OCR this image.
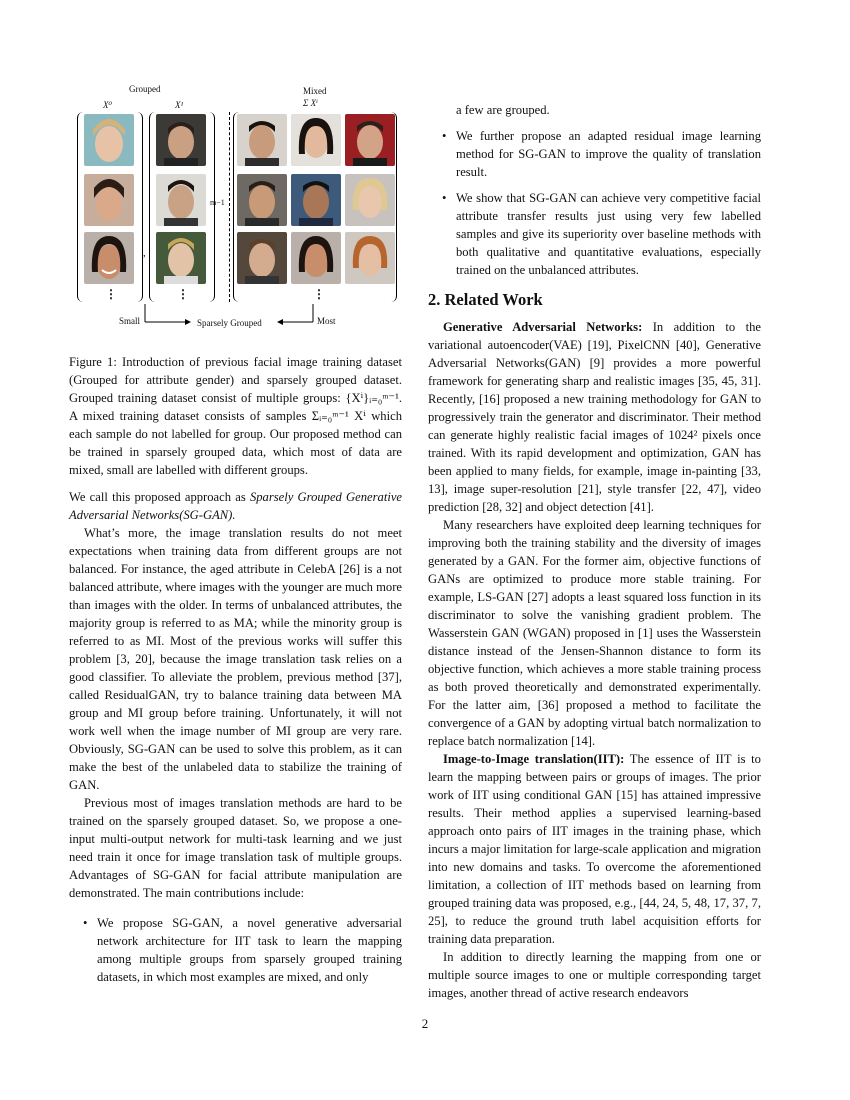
Grouped	Mixed
X⁰	X¹	Σ Xⁱ
m−1
,
⋮	⋮	⋮
Small	Sparsely Grouped	Most

Figure 1: Introduction of previous facial image training dataset (Grouped for attribute gender) and sparsely grouped dataset. Grouped training dataset consist of multiple groups: {Xⁱ}ᵢ₌₀ᵐ⁻¹. A mixed training dataset consists of samples Σᵢ₌₀ᵐ⁻¹ Xⁱ which each sample do not labelled for group. Our proposed method can be trained in sparsely grouped data, which most of data are mixed, small are labelled with different groups.

We call this proposed approach as Sparsely Grouped Generative Adversarial Networks(SG-GAN).

What’s more, the image translation results do not meet expectations when training data from different groups are not balanced. For instance, the aged attribute in CelebA [26] is a not balanced attribute, where images with the younger are much more than images with the older. In terms of unbalanced attributes, the majority group is referred to as MA; while the minority group is referred to as MI. Most of the previous works will suffer this problem [3, 20], because the image translation task relies on a good classifier. To alleviate the problem, previous method [37], called ResidualGAN, try to balance training data between MA group and MI group before training. Unfortunately, it will not work well when the image number of MI group are very rare. Obviously, SG-GAN can be used to solve this problem, as it can make the best of the unlabeled data to stabilize the training of GAN.

Previous most of images translation methods are hard to be trained on the sparsely grouped dataset. So, we propose a one-input multi-output network for multi-task learning and we just need train it once for image translation task of multiple groups. Advantages of SG-GAN for facial attribute manipulation are demonstrated. The main contributions include:

• We propose SG-GAN, a novel generative adversarial network architecture for IIT task to learn the mapping among multiple groups from sparsely grouped training datasets, in which most examples are mixed, and only

a few are grouped.

• We further propose an adapted residual image learning method for SG-GAN to improve the quality of translation result.
• We show that SG-GAN can achieve very competitive facial attribute transfer results just using very few labelled samples and give its superiority over baseline methods with both qualitative and quantitative evaluations, especially trained on the unbalanced attributes.
2. Related Work

Generative Adversarial Networks: In addition to the variational autoencoder(VAE) [19], PixelCNN [40], Generative Adversarial Networks(GAN) [9] provides a more powerful framework for generating sharp and realistic images [35, 45, 31]. Recently, [16] proposed a new training methodology for GAN to progressively train the generator and discriminator. Their method can generate highly realistic facial images of 1024² pixels once trained. With its rapid development and optimization, GAN has been applied to many fields, for example, image in-painting [33, 13], image super-resolution [21], style transfer [22, 47], video prediction [28, 32] and object detection [41].

Many researchers have exploited deep learning techniques for improving both the training stability and the diversity of images generated by a GAN. For the former aim, objective functions of GANs are optimized to produce more stable training. For example, LS-GAN [27] adopts a least squared loss function in its discriminator to solve the vanishing gradient problem. The Wasserstein GAN (WGAN) proposed in [1] uses the Wasserstein distance instead of the Jensen-Shannon distance to form its objective function, which achieves a more stable training process as both proved theoretically and demonstrated experimentally. For the latter aim, [36] proposed a method to facilitate the convergence of a GAN by adopting virtual batch normalization to replace batch normalization [14].

Image-to-Image translation(IIT): The essence of IIT is to learn the mapping between pairs or groups of images. The prior work of IIT using conditional GAN [15] has attained impressive results. Their method applies a supervised learning-based approach onto pairs of IIT images in the training phase, which incurs a major limitation for large-scale application and migration into new domains and tasks. To overcome the aforementioned limitation, a collection of IIT methods based on learning from grouped training data was proposed, e.g., [44, 24, 5, 48, 17, 37, 7, 25], to reduce the ground truth label acquisition efforts for training data preparation.

In addition to directly learning the mapping from one or multiple source images to one or multiple corresponding target images, another thread of active research endeavors

2
